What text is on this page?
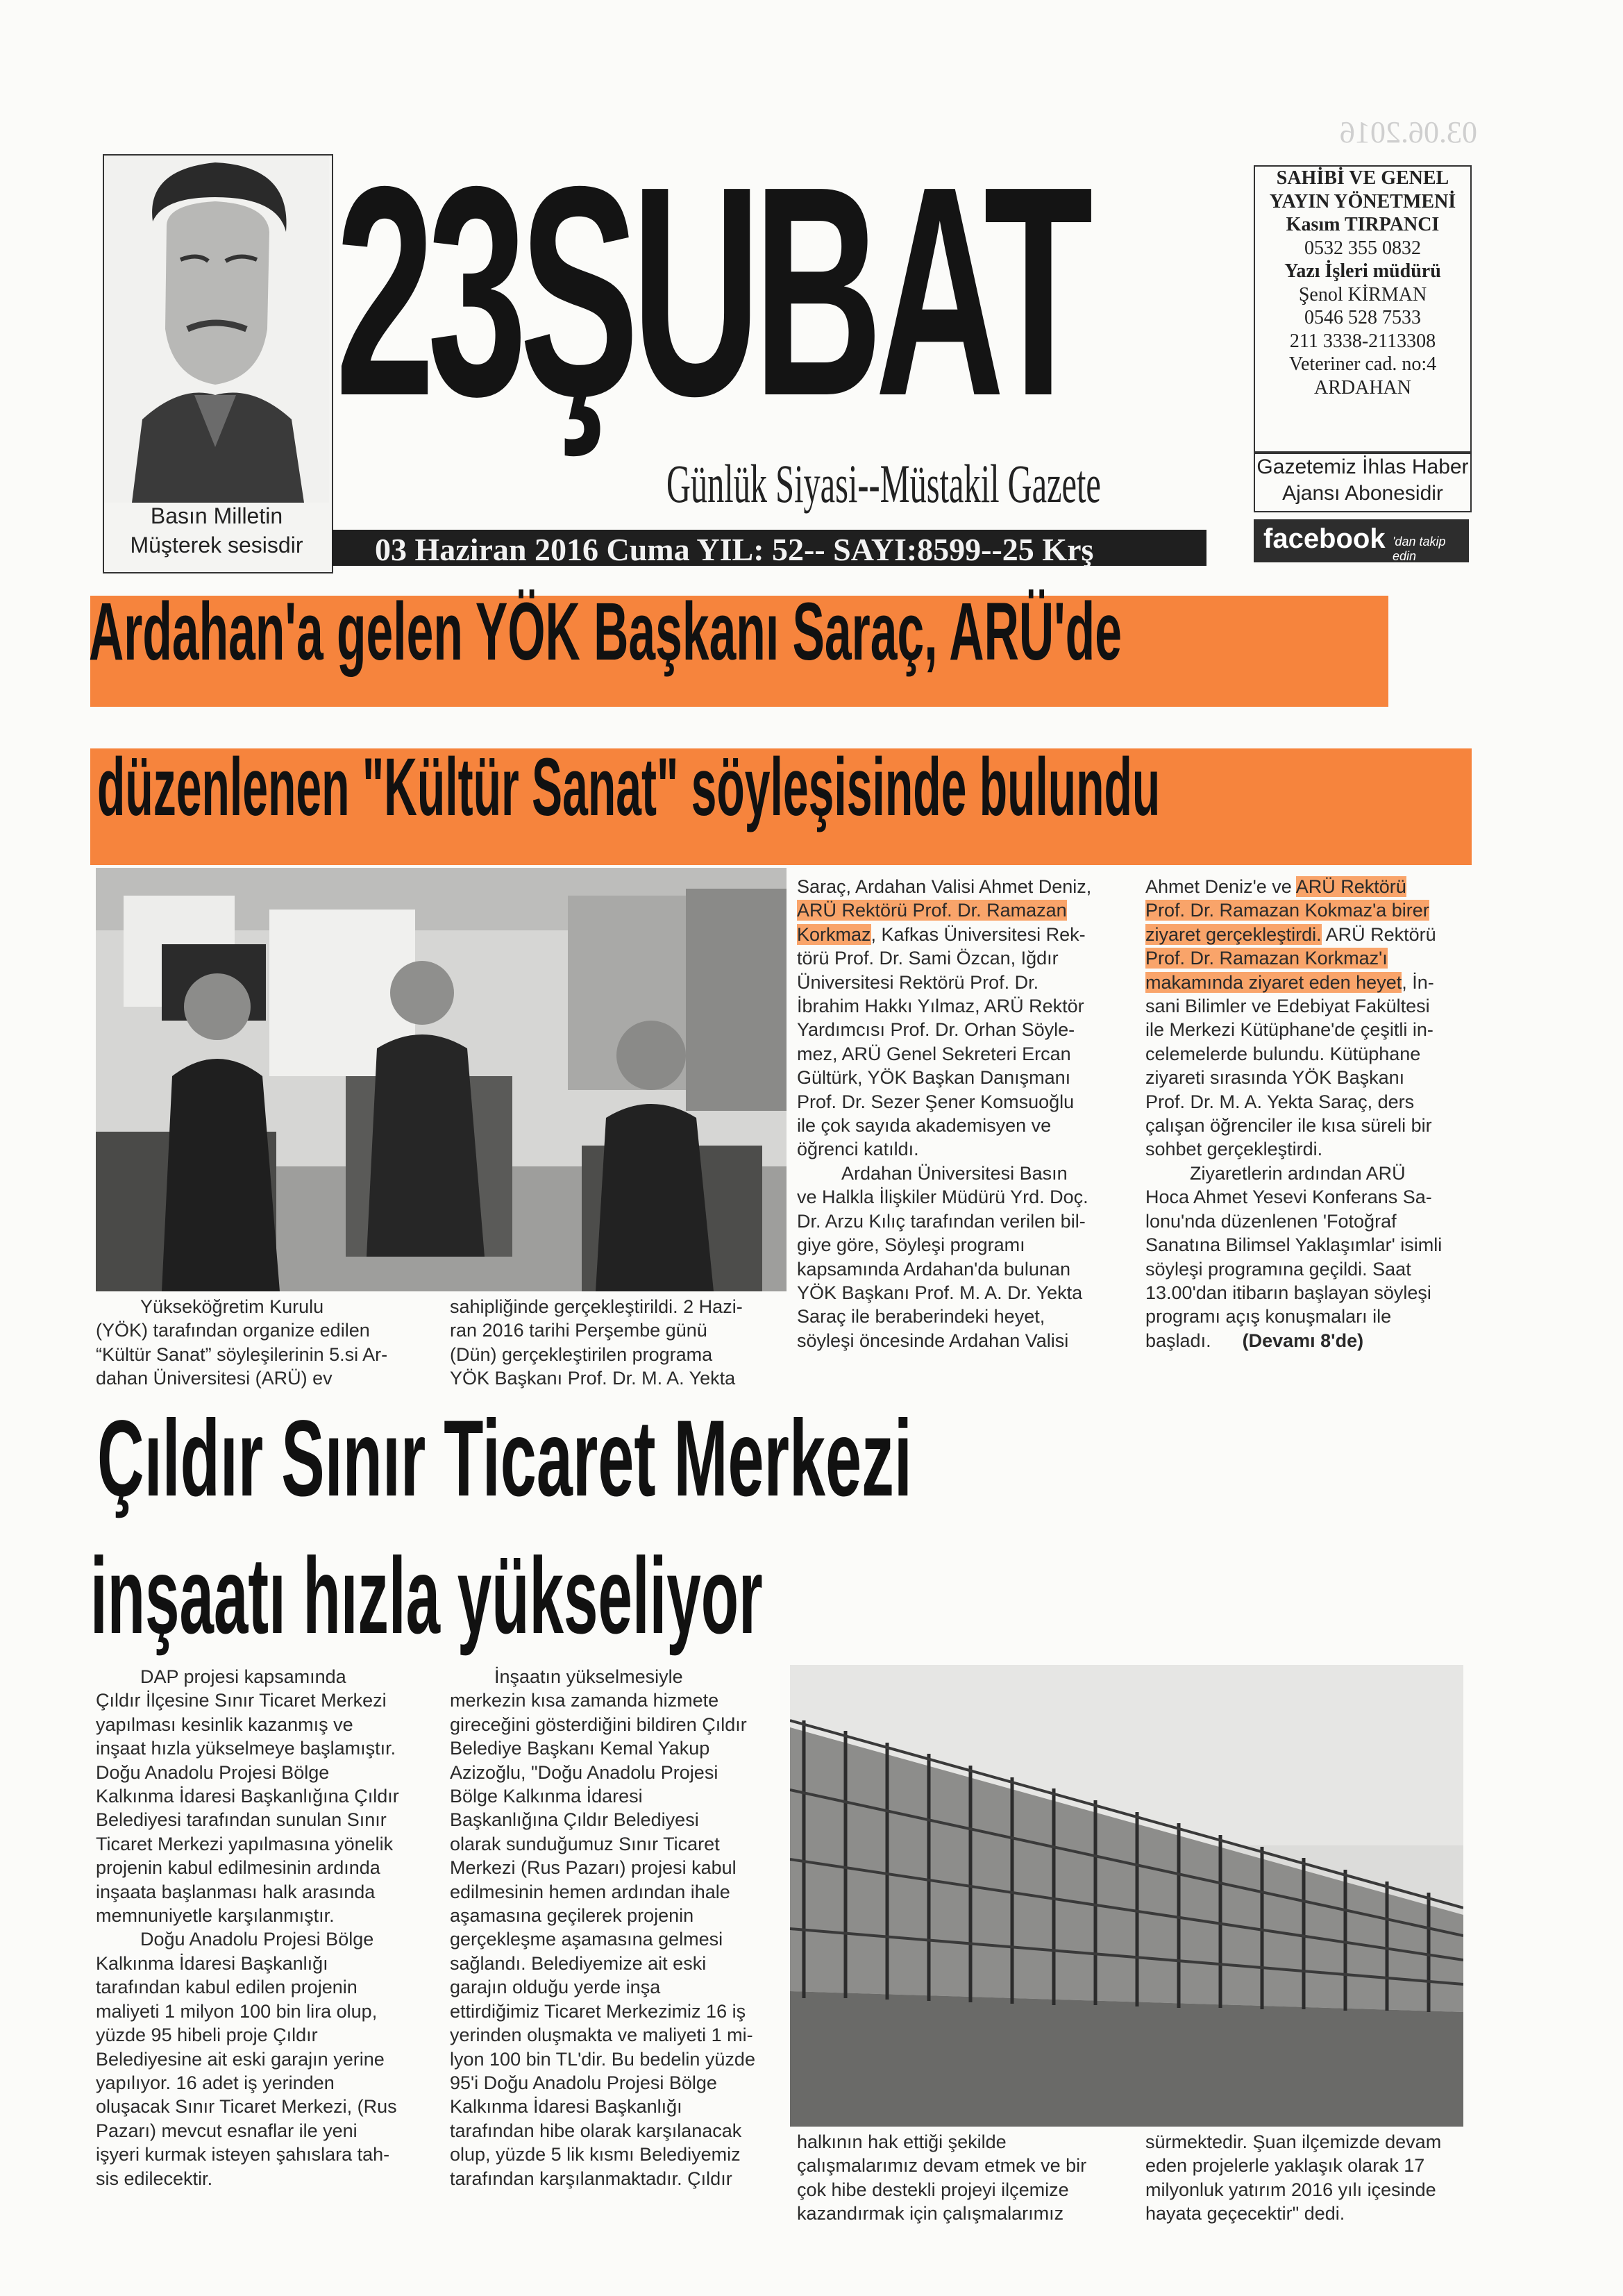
03.06.2016
Basın Milletin
Müşterek sesisdir
23ŞUBAT
Günlük Siyasi--Müstakil Gazete
03 Haziran 2016 Cuma YIL: 52-- SAYI:8599--25 Krş
SAHİBİ VE GENEL
YAYIN YÖNETMENİ
Kasım TIRPANCI
0532 355 0832
Yazı İşleri müdürü
Şenol KİRMAN
0546 528 7533
211 3338-2113308
Veteriner cad. no:4
ARDAHAN
Gazetemiz İhlas Haber
Ajansı Abonesidir
facebook 'dan takip edin
Ardahan'a gelen YÖK Başkanı Saraç, ARÜ'de
düzenlenen "Kültür Sanat" söyleşisinde bulundu

Yükseköğretim Kurulu

(YÖK) tarafından organize edilen

“Kültür Sanat” söyleşilerinin 5.si Ar-

dahan Üniversitesi (ARÜ) ev

sahipliğinde gerçekleştirildi. 2 Hazi-

ran 2016 tarihi Perşembe günü

(Dün) gerçekleştirilen programa

YÖK Başkanı Prof. Dr. M. A. Yekta

Saraç, Ardahan Valisi Ahmet Deniz,

ARÜ Rektörü Prof. Dr. Ramazan

Korkmaz, Kafkas Üniversitesi Rek-

törü Prof. Dr. Sami Özcan, Iğdır

Üniversitesi Rektörü Prof. Dr.

İbrahim Hakkı Yılmaz, ARÜ Rektör

Yardımcısı Prof. Dr. Orhan Söyle-

mez, ARÜ Genel Sekreteri Ercan

Gültürk, YÖK Başkan Danışmanı

Prof. Dr. Sezer Şener Komsuoğlu

ile çok sayıda akademisyen ve

öğrenci katıldı.

Ardahan Üniversitesi Basın

ve Halkla İlişkiler Müdürü Yrd. Doç.

Dr. Arzu Kılıç tarafından verilen bil-

giye göre, Söyleşi programı

kapsamında Ardahan'da bulunan

YÖK Başkanı Prof. M. A. Dr. Yekta

Saraç ile beraberindeki heyet,

söyleşi öncesinde Ardahan Valisi

Ahmet Deniz'e ve ARÜ Rektörü

Prof. Dr. Ramazan Kokmaz'a birer

ziyaret gerçekleştirdi. ARÜ Rektörü

Prof. Dr. Ramazan Korkmaz'ı

makamında ziyaret eden heyet, İn-

sani Bilimler ve Edebiyat Fakültesi

ile Merkezi Kütüphane'de çeşitli in-

celemelerde bulundu. Kütüphane

ziyareti sırasında YÖK Başkanı

Prof. Dr. M. A. Yekta Saraç, ders

çalışan öğrenciler ile kısa süreli bir

sohbet gerçekleştirdi.

Ziyaretlerin ardından ARÜ

Hoca Ahmet Yesevi Konferans Sa-

lonu'nda düzenlenen 'Fotoğraf

Sanatına Bilimsel Yaklaşımlar' isimli

söyleşi programına geçildi. Saat

13.00'dan itibarın başlayan söyleşi

programı açış konuşmaları ile

başladı. (Devamı 8'de)

Çıldır Sınır Ticaret Merkezi
inşaatı hızla yükseliyor

DAP projesi kapsamında

Çıldır İlçesine Sınır Ticaret Merkezi

yapılması kesinlik kazanmış ve

inşaat hızla yükselmeye başlamıştır.

Doğu Anadolu Projesi Bölge

Kalkınma İdaresi Başkanlığına Çıldır

Belediyesi tarafından sunulan Sınır

Ticaret Merkezi yapılmasına yönelik

projenin kabul edilmesinin ardında

inşaata başlanması halk arasında

memnuniyetle karşılanmıştır.

Doğu Anadolu Projesi Bölge

Kalkınma İdaresi Başkanlığı

tarafından kabul edilen projenin

maliyeti 1 milyon 100 bin lira olup,

yüzde 95 hibeli proje Çıldır

Belediyesine ait eski garajın yerine

yapılıyor. 16 adet iş yerinden

oluşacak Sınır Ticaret Merkezi, (Rus

Pazarı) mevcut esnaflar ile yeni

işyeri kurmak isteyen şahıslara tah-

sis edilecektir.

İnşaatın yükselmesiyle

merkezin kısa zamanda hizmete

gireceğini gösterdiğini bildiren Çıldır

Belediye Başkanı Kemal Yakup

Azizoğlu, "Doğu Anadolu Projesi

Bölge Kalkınma İdaresi

Başkanlığına Çıldır Belediyesi

olarak sunduğumuz Sınır Ticaret

Merkezi (Rus Pazarı) projesi kabul

edilmesinin hemen ardından ihale

aşamasına geçilerek projenin

gerçekleşme aşamasına gelmesi

sağlandı. Belediyemize ait eski

garajın olduğu yerde inşa

ettirdiğimiz Ticaret Merkezimiz 16 iş

yerinden oluşmakta ve maliyeti 1 mi-

lyon 100 bin TL'dir. Bu bedelin yüzde

95'i Doğu Anadolu Projesi Bölge

Kalkınma İdaresi Başkanlığı

tarafından hibe olarak karşılanacak

olup, yüzde 5 lik kısmı Belediyemiz

tarafından karşılanmaktadır. Çıldır

halkının hak ettiği şekilde

çalışmalarımız devam etmek ve bir

çok hibe destekli projeyi ilçemize

kazandırmak için çalışmalarımız

sürmektedir. Şuan ilçemizde devam

eden projelerle yaklaşık olarak 17

milyonluk yatırım 2016 yılı içesinde

hayata geçecektir" dedi.
